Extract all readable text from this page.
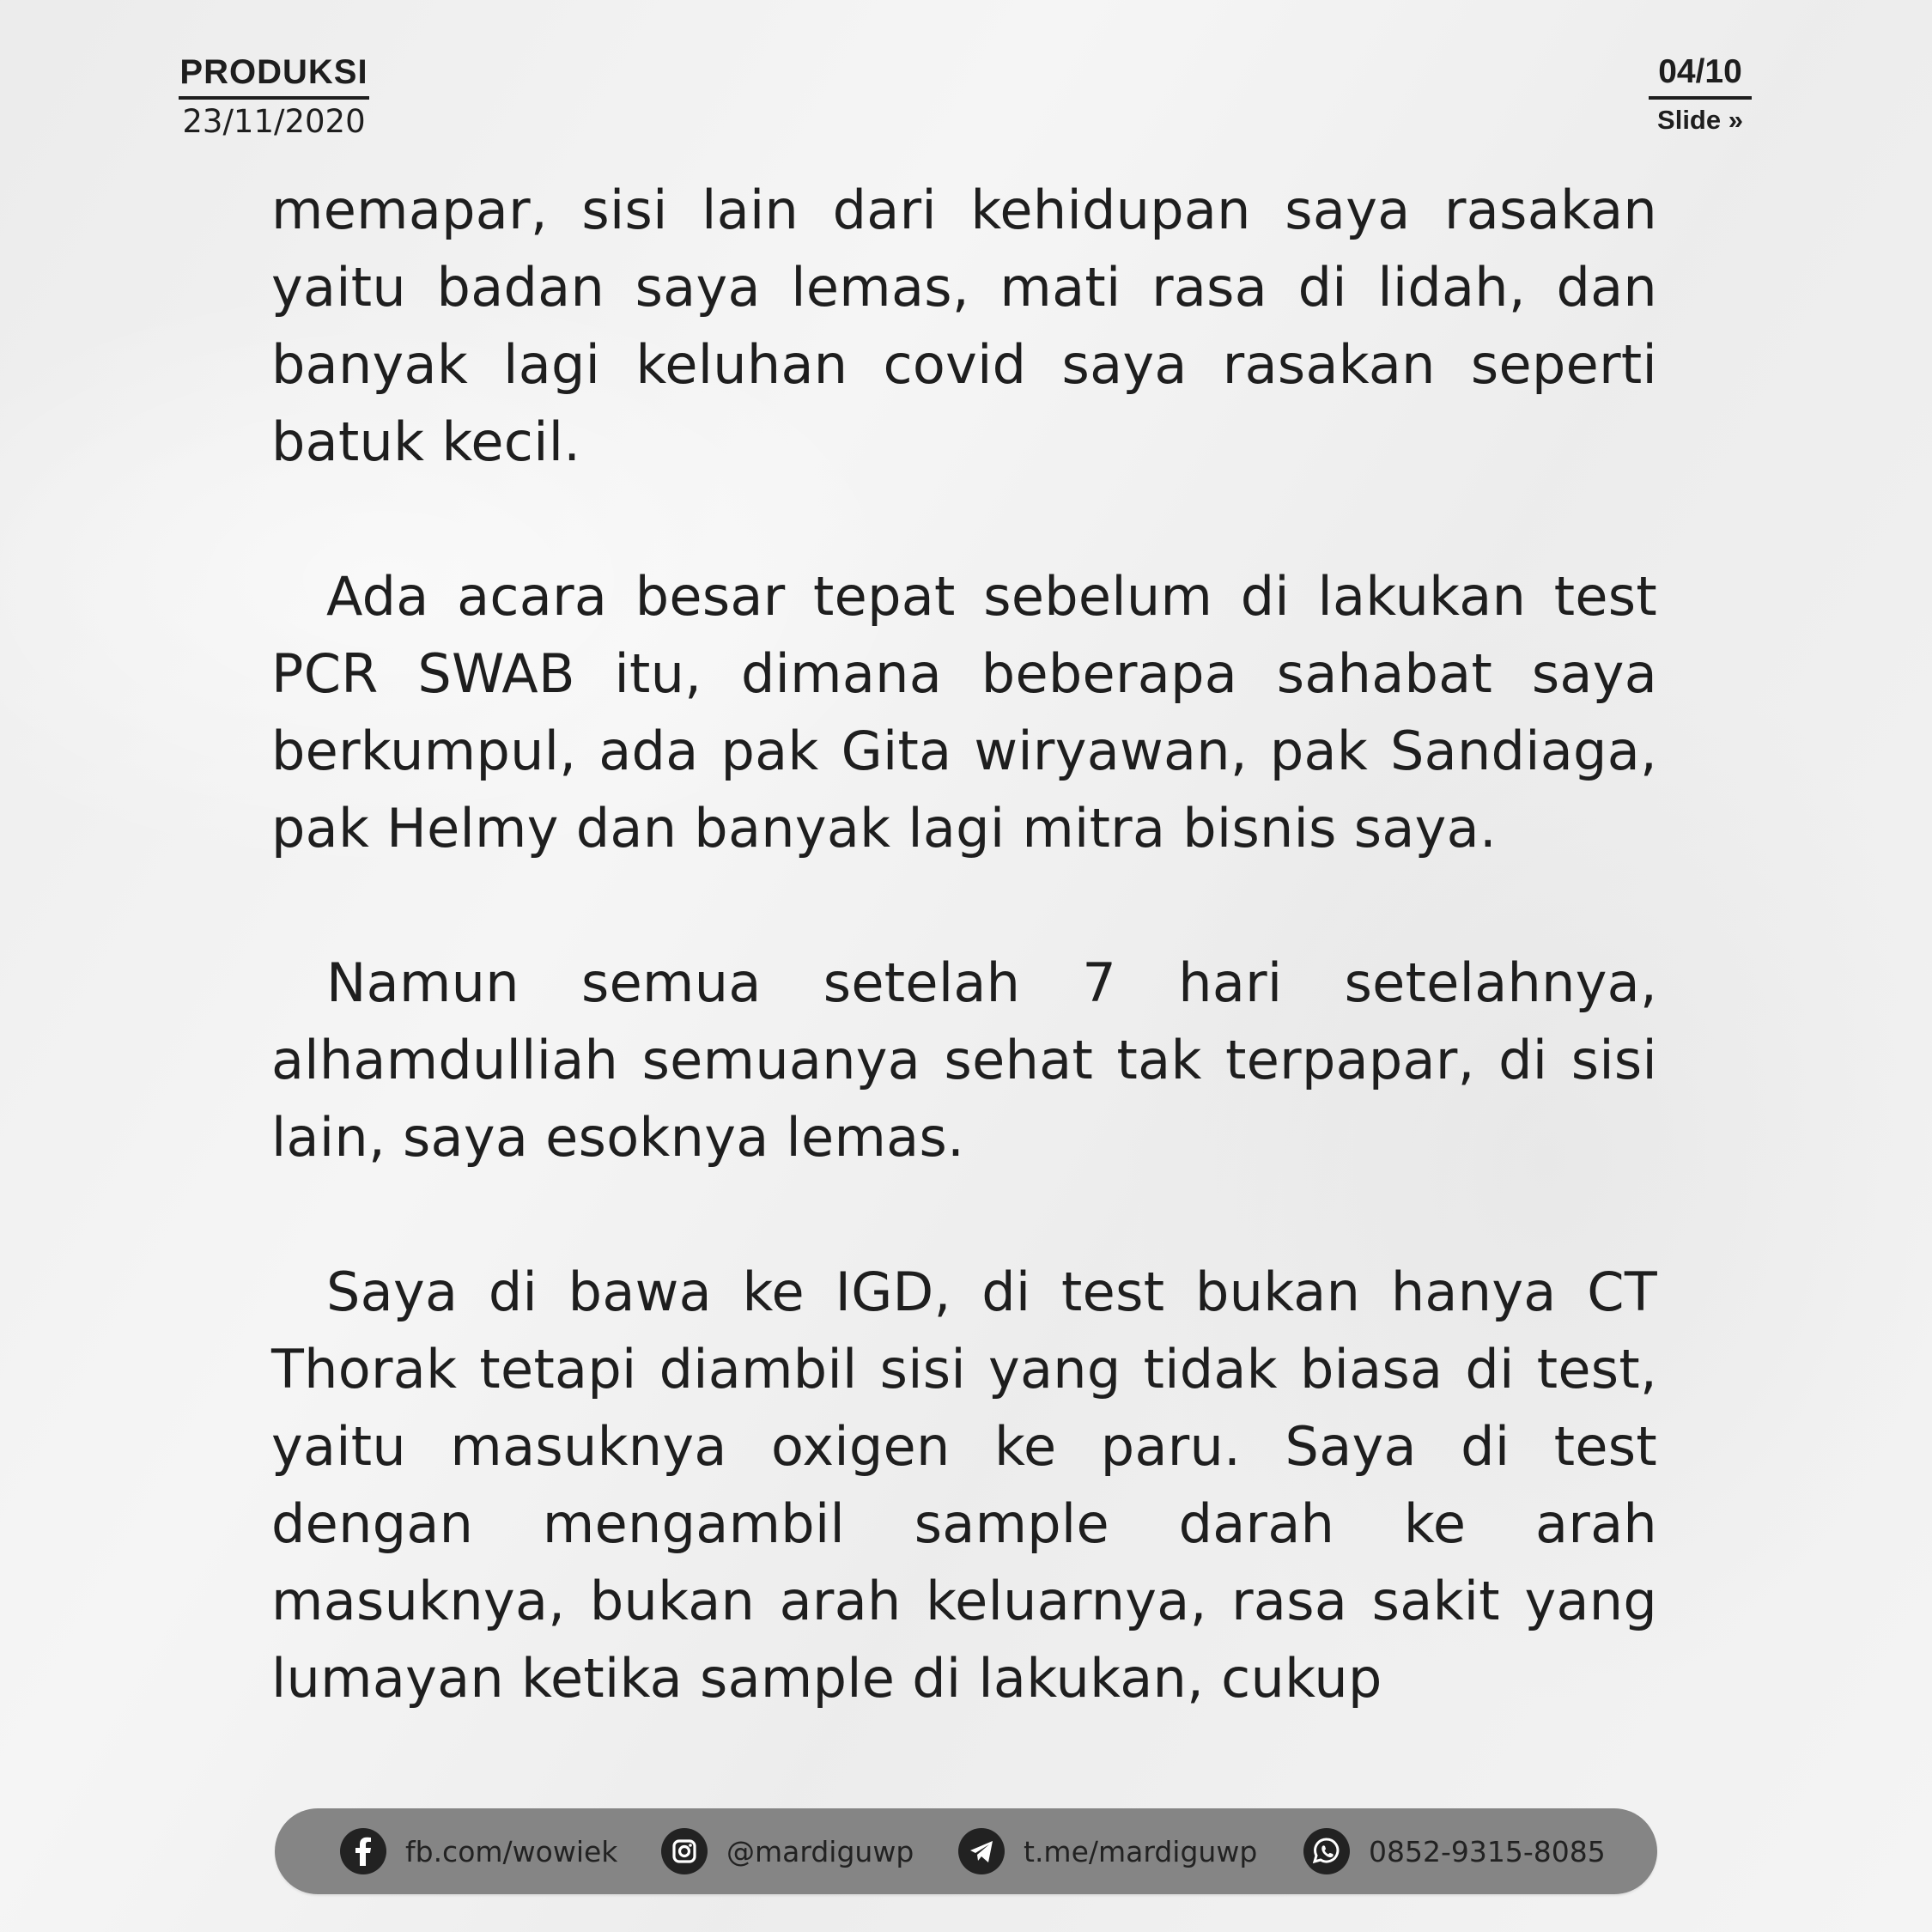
PRODUKSI
23/11/2020
04/10
Slide »

memapar, sisi lain dari kehidupan saya rasakan yaitu badan saya lemas, mati rasa di lidah, dan banyak lagi keluhan covid saya rasakan seperti batuk kecil.

Ada acara besar tepat sebelum di lakukan test PCR SWAB itu, dimana beberapa sahabat saya berkumpul, ada pak Gita wiryawan, pak Sandiaga, pak Helmy dan banyak lagi mitra bisnis saya.

Namun semua setelah 7 hari setelahnya, alhamdulliah semuanya sehat tak terpapar, di sisi lain, saya esoknya lemas.

Saya di bawa ke IGD, di test bukan hanya CT Thorak tetapi diambil sisi yang tidak biasa di test, yaitu masuknya oxigen ke paru. Saya di test dengan mengambil sample darah ke arah masuknya, bukan arah keluarnya, rasa sakit yang lumayan ketika sample di lakukan, cukup

fb.com/wowiek	@mardiguwp	t.me/mardiguwp	0852-9315-8085
